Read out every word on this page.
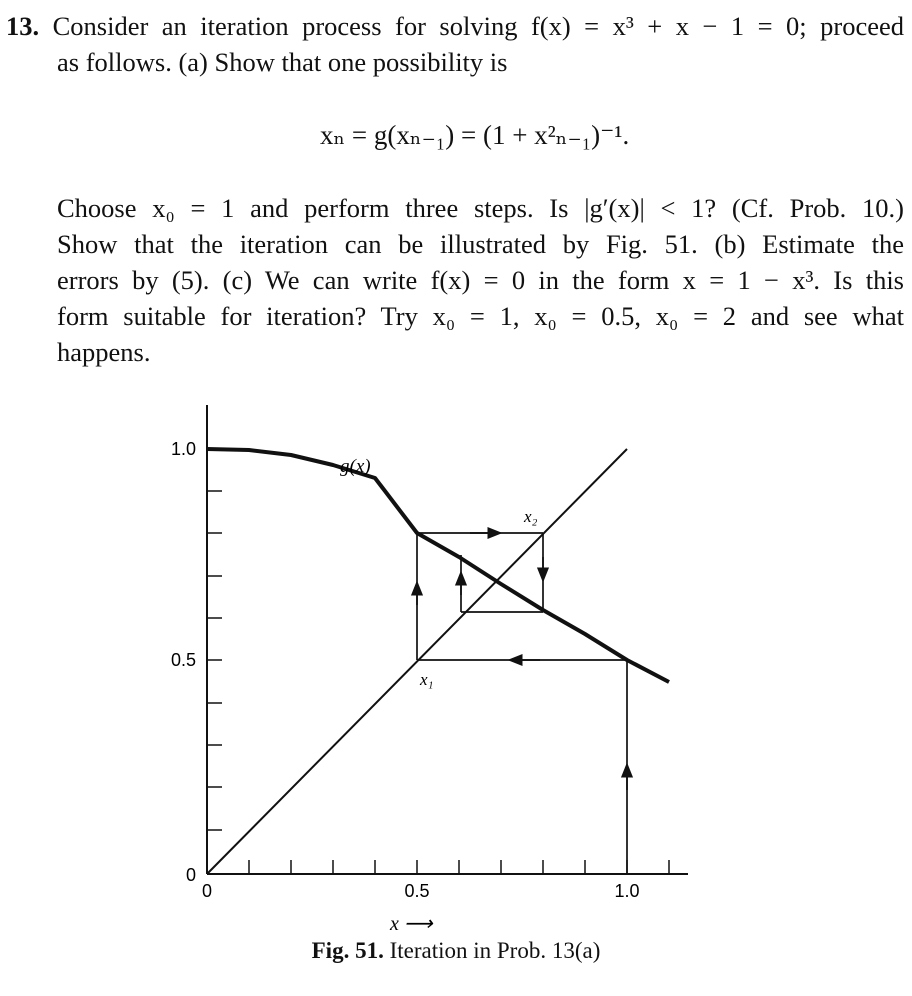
13. Consider an iteration process for solving f(x) = x³ + x − 1 = 0; proceed
as follows. (a) Show that one possibility is
xₙ = g(xₙ₋₁) = (1 + x²ₙ₋₁)⁻¹.
Choose x₀ = 1 and perform three steps. Is |g′(x)| < 1? (Cf. Prob. 10.)
Show that the iteration can be illustrated by Fig. 51. (b) Estimate the
errors by (5). (c) We can write f(x) = 0 in the form x = 1 − x³. Is this
form suitable for iteration? Try x₀ = 1, x₀ = 0.5, x₀ = 2 and see what
happens.
1.0
0.5
0
0	0.5	1.0
x ⟶
g(x)
x₁
x₂
Fig. 51. Iteration in Prob. 13(a)
